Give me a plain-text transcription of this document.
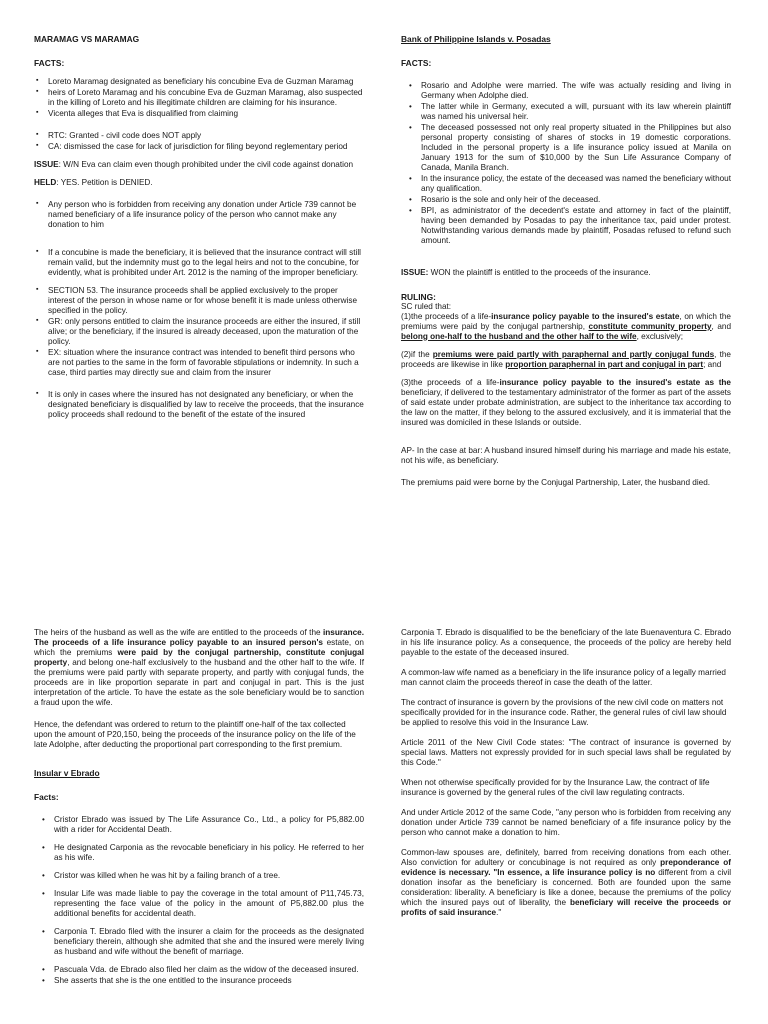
MARAMAG VS MARAMAG
FACTS:
▪ Loreto Maramag designated as beneficiary his concubine Eva de Guzman Maramag
▪ heirs of Loreto Maramag and his concubine Eva de Guzman Maramag, also suspected in the killing of Loreto and his illegitimate children are claiming for his insurance.
▪ Vicenta alleges that Eva is disqualified from claiming
▪ RTC: Granted - civil code does NOT apply
▪ CA: dismissed the case for lack of jurisdiction for filing beyond reglementary period

ISSUE: W/N Eva can claim even though prohibited under the civil code against donation

HELD: YES. Petition is DENIED.

▪ Any person who is forbidden from receiving any donation under Article 739 cannot be named beneficiary of a life insurance policy of the person who cannot make any donation to him
▪ If a concubine is made the beneficiary, it is believed that the insurance contract will still remain valid, but the indemnity must go to the legal heirs and not to the concubine, for evidently, what is prohibited under Art. 2012 is the naming of the improper beneficiary.
▪ SECTION 53. The insurance proceeds shall be applied exclusively to the proper interest of the person in whose name or for whose benefit it is made unless otherwise specified in the policy.
▪ GR: only persons entitled to claim the insurance proceeds are either the insured, if still alive; or the beneficiary, if the insured is already deceased, upon the maturation of the policy.
▪ EX: situation where the insurance contract was intended to benefit third persons who are not parties to the same in the form of favorable stipulations or indemnity. In such a case, third parties may directly sue and claim from the insurer
▪ It is only in cases where the insured has not designated any beneficiary, or when the designated beneficiary is disqualified by law to receive the proceeds, that the insurance policy proceeds shall redound to the benefit of the estate of the insured
Bank of Philippine Islands v. Posadas
FACTS:
• Rosario and Adolphe were married. The wife was actually residing and living in Germany when Adolphe died.
• The latter while in Germany, executed a will, pursuant with its law wherein plaintiff was named his universal heir.
• The deceased possessed not only real property situated in the Philippines but also personal property consisting of shares of stocks in 19 domestic corporations. Included in the personal property is a life insurance policy issued at Manila on January 1913 for the sum of $10,000 by the Sun Life Assurance Company of Canada, Manila Branch.
• In the insurance policy, the estate of the deceased was named the beneficiary without any qualification.
• Rosario is the sole and only heir of the deceased.
• BPI, as administrator of the decedent's estate and attorney in fact of the plaintiff, having been demanded by Posadas to pay the inheritance tax, paid under protest. Notwithstanding various demands made by plaintiff, Posadas refused to refund such amount.

ISSUE: WON the plaintiff is entitled to the proceeds of the insurance.

RULING:
SC ruled that:

(1)the proceeds of a life-insurance policy payable to the insured's estate, on which the premiums were paid by the conjugal partnership, constitute community property, and belong one-half to the husband and the other half to the wife, exclusively;

(2)if the premiums were paid partly with paraphernal and partly conjugal funds, the proceeds are likewise in like proportion paraphernal in part and conjugal in part; and

(3)the proceeds of a life-insurance policy payable to the insured's estate as the beneficiary, if delivered to the testamentary administrator of the former as part of the assets of said estate under probate administration, are subject to the inheritance tax according to the law on the matter, if they belong to the assured exclusively, and it is immaterial that the insured was domiciled in these Islands or outside.

AP- In the case at bar: A husband insured himself during his marriage and made his estate, not his wife, as beneficiary.

The premiums paid were borne by the Conjugal Partnership, Later, the husband died.

The heirs of the husband as well as the wife are entitled to the proceeds of the insurance. The proceeds of a life insurance policy payable to an insured person's estate, on which the premiums were paid by the conjugal partnership, constitute conjugal property, and belong one-half exclusively to the husband and the other half to the wife. If the premiums were paid partly with separate property, and partly with conjugal funds, the proceeds are in like proportion separate in part and conjugal in part. This is the just interpretation of the article. To have the estate as the sole beneficiary would be to sanction a fraud upon the wife.

Hence, the defendant was ordered to return to the plaintiff one-half of the tax collected upon the amount of P20,150, being the proceeds of the insurance policy on the life of the late Adolphe, after deducting the proportional part corresponding to the first premium.

Insular v Ebrado
Facts:
• Cristor Ebrado was issued by The Life Assurance Co., Ltd., a policy for P5,882.00 with a rider for Accidental Death.
• He designated Carponia as the revocable beneficiary in his policy. He referred to her as his wife.
• Cristor was killed when he was hit by a failing branch of a tree.
• Insular Life was made liable to pay the coverage in the total amount of P11,745.73, representing the face value of the policy in the amount of P5,882.00 plus the additional benefits for accidental death.
• Carponia T. Ebrado filed with the insurer a claim for the proceeds as the designated beneficiary therein, although she admited that she and the insured were merely living as husband and wife without the benefit of marriage.
• Pascuala Vda. de Ebrado also filed her claim as the widow of the deceased insured.
• She asserts that she is the one entitled to the insurance proceeds

Carponia T. Ebrado is disqualified to be the beneficiary of the late Buenaventura C. Ebrado in his life insurance policy. As a consequence, the proceeds of the policy are hereby held payable to the estate of the deceased insured.

A common-law wife named as a beneficiary in the life insurance policy of a legally married man cannot claim the proceeds thereof in case the death of the latter.

The contract of insurance is govern by the provisions of the new civil code on matters not specifically provided for in the insurance code. Rather, the general rules of civil law should be applied to resolve this void in the Insurance Law.

Article 2011 of the New Civil Code states: "The contract of insurance is governed by special laws. Matters not expressly provided for in such special laws shall be regulated by this Code."

When not otherwise specifically provided for by the Insurance Law, the contract of life insurance is governed by the general rules of the civil law regulating contracts.

And under Article 2012 of the same Code, "any person who is forbidden from receiving any donation under Article 739 cannot be named beneficiary of a fife insurance policy by the person who cannot make a donation to him.

Common-law spouses are, definitely, barred from receiving donations from each other. Also conviction for adultery or concubinage is not required as only preponderance of evidence is necessary. "In essence, a life insurance policy is no different from a civil donation insofar as the beneficiary is concerned. Both are founded upon the same consideration: liberality. A beneficiary is like a donee, because the premiums of the policy which the insured pays out of liberality, the beneficiary will receive the proceeds or profits of said insurance."
